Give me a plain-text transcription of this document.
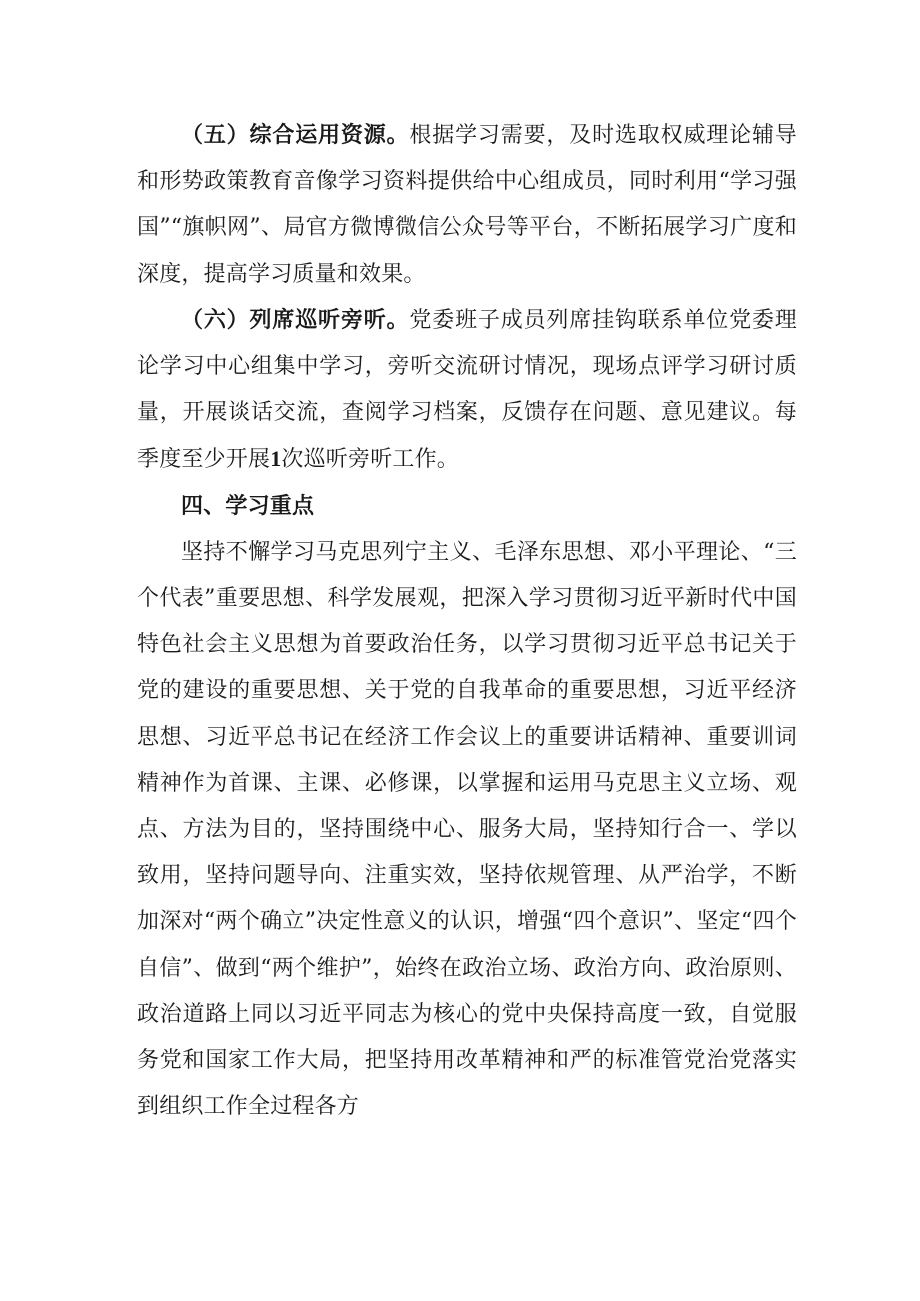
（五）综合运用资源。根据学习需要，及时选取权威理论辅导和形势政策教育音像学习资料提供给中心组成员，同时利用“学习强国”“旗帜网”、局官方微博微信公众号等平台，不断拓展学习广度和深度，提高学习质量和效果。

（六）列席巡听旁听。党委班子成员列席挂钩联系单位党委理论学习中心组集中学习，旁听交流研讨情况，现场点评学习研讨质量，开展谈话交流，查阅学习档案，反馈存在问题、意见建议。每季度至少开展1次巡听旁听工作。

四、学习重点

坚持不懈学习马克思列宁主义、毛泽东思想、邓小平理论、“三个代表”重要思想、科学发展观，把深入学习贯彻习近平新时代中国特色社会主义思想为首要政治任务，以学习贯彻习近平总书记关于党的建设的重要思想、关于党的自我革命的重要思想，习近平经济思想、习近平总书记在经济工作会议上的重要讲话精神、重要训词精神作为首课、主课、必修课，以掌握和运用马克思主义立场、观点、方法为目的，坚持围绕中心、服务大局，坚持知行合一、学以致用，坚持问题导向、注重实效，坚持依规管理、从严治学，不断加深对“两个确立”决定性意义的认识，增强“四个意识”、坚定“四个自信”、做到“两个维护”，始终在政治立场、政治方向、政治原则、政治道路上同以习近平同志为核心的党中央保持高度一致，自觉服务党和国家工作大局，把坚持用改革精神和严的标准管党治党落实到组织工作全过程各方
